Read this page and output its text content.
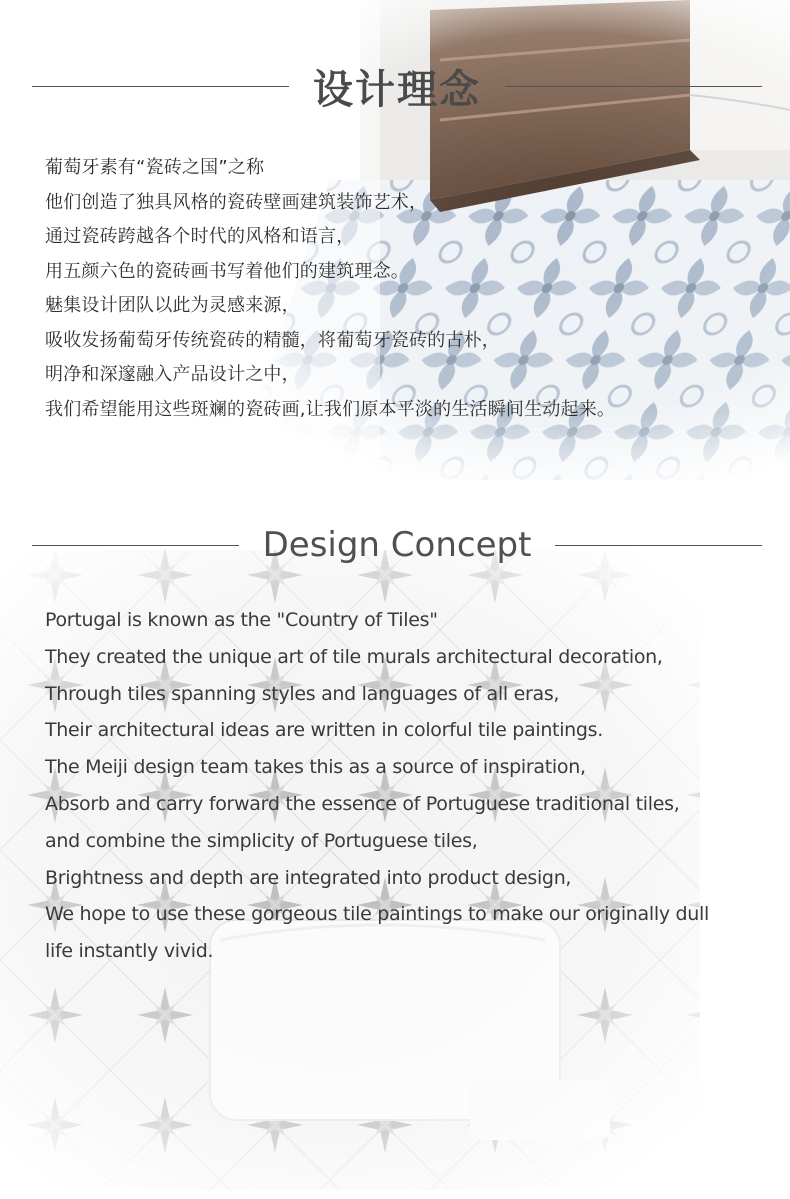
设计理念
葡萄牙素有“瓷砖之国”之称
他们创造了独具风格的瓷砖壁画建筑装饰艺术，
通过瓷砖跨越各个时代的风格和语言，
用五颜六色的瓷砖画书写着他们的建筑理念。
魅集设计团队以此为灵感来源，
吸收发扬葡萄牙传统瓷砖的精髓，将葡萄牙瓷砖的古朴，
明净和深邃融入产品设计之中，
我们希望能用这些斑斓的瓷砖画,让我们原本平淡的生活瞬间生动起来。
Design Concept
Portugal is known as the "Country of Tiles"
They created the unique art of tile murals architectural decoration,
Through tiles spanning styles and languages of all eras,
Their architectural ideas are written in colorful tile paintings.
The Meiji design team takes this as a source of inspiration,
Absorb and carry forward the essence of Portuguese traditional tiles,
and combine the simplicity of Portuguese tiles,
Brightness and depth are integrated into product design,
We hope to use these gorgeous tile paintings to make our originally dull
life instantly vivid.
